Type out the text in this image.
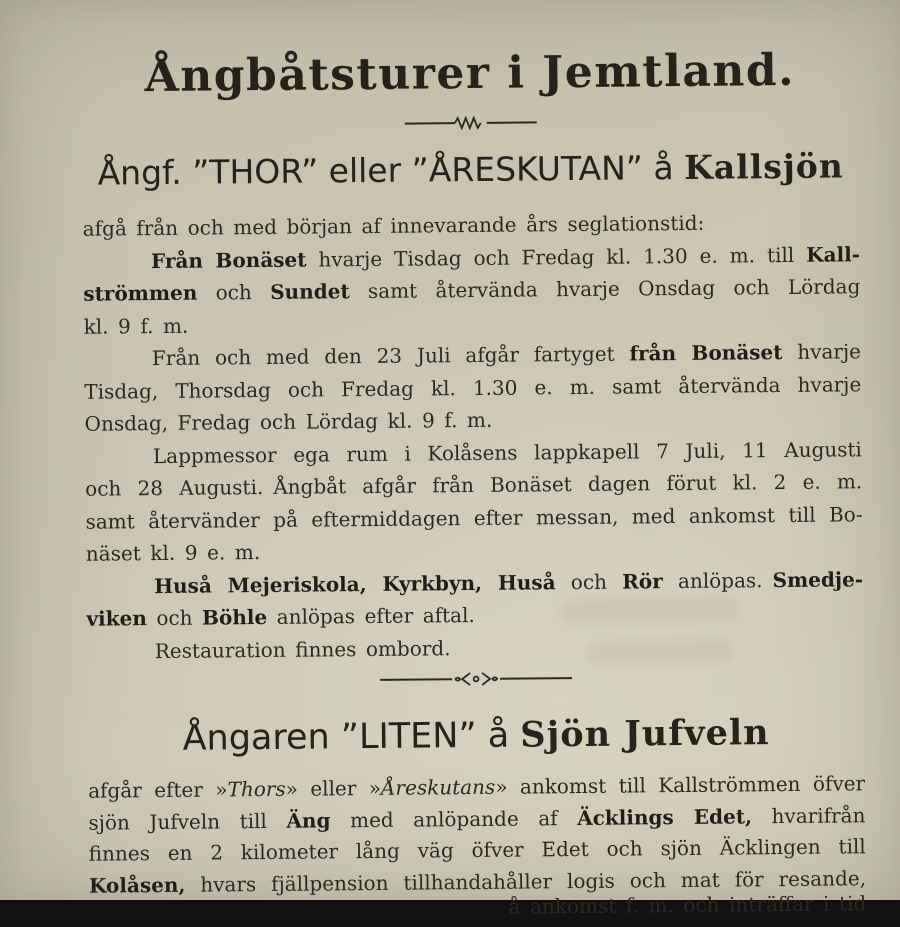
Ångbåtsturer i Jemtland.
Ångf. ”THOR” eller ”ÅRESKUTAN” å Kallsjön
afgå från och med början af innevarande års seglationstid:
Från Bonäset hvarje Tisdag och Fredag kl. 1.30 e. m. till Kall-
strömmen och Sundet samt återvända hvarje Onsdag och Lördag
kl. 9 f. m.
Från och med den 23 Juli afgår fartyget från Bonäset hvarje
Tisdag, Thorsdag och Fredag kl. 1.30 e. m. samt återvända hvarje
Onsdag, Fredag och Lördag kl. 9 f. m.
Lappmessor ega rum i Kolåsens lappkapell 7 Juli, 11 Augusti
och 28 Augusti. Ångbåt afgår från Bonäset dagen förut kl. 2 e. m.
samt återvänder på eftermiddagen efter messan, med ankomst till Bo-
näset kl. 9 e. m.
Huså Mejeriskola, Kyrkbyn, Huså och Rör anlöpas. Smedje-
viken och Böhle anlöpas efter aftal.
Restauration finnes ombord.
Ångaren ”LITEN” å Sjön Jufveln
afgår efter »Thors» eller »Åreskutans» ankomst till Kallströmmen öfver
sjön Jufveln till Äng med anlöpande af Äcklings Edet, hvarifrån
finnes en 2 kilometer lång väg öfver Edet och sjön Äcklingen till
Kolåsen, hvars fjällpension tillhandahåller logis och mat för resande,
å ankomst f. m. och inträffar i tid
